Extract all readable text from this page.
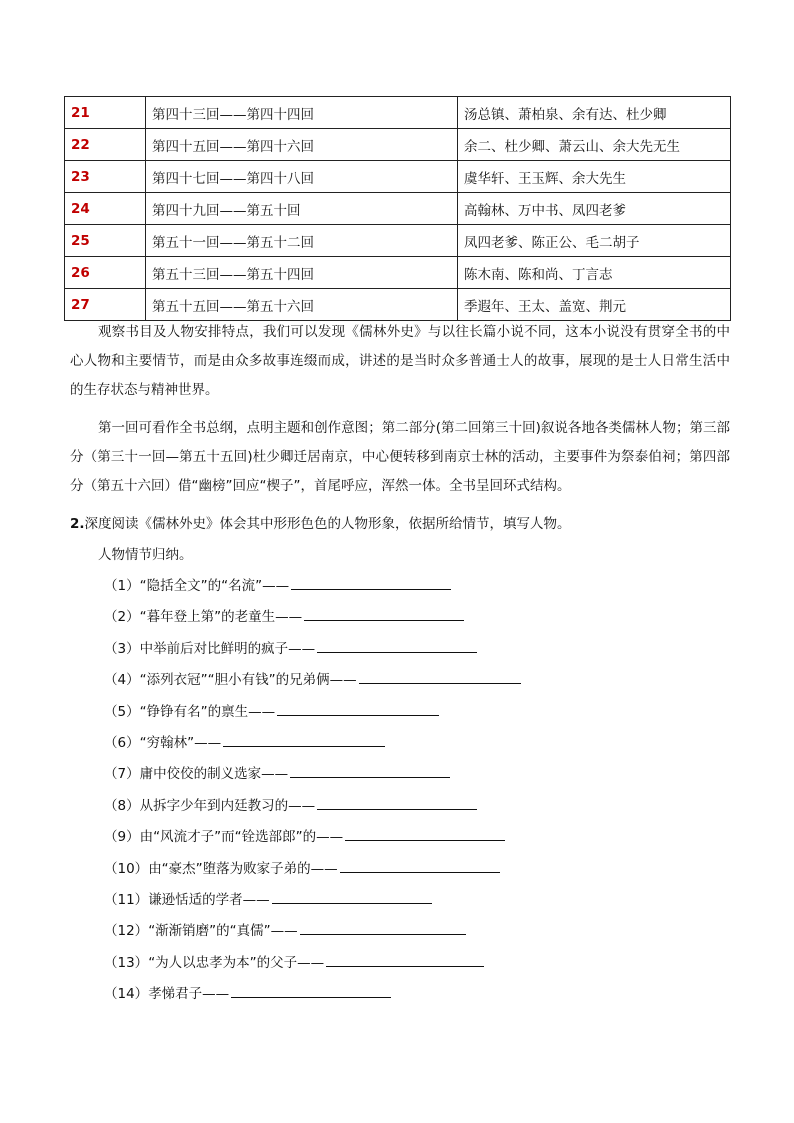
21	第四十三回——第四十四回	汤总镇、萧柏泉、余有达、杜少卿
22	第四十五回——第四十六回	余二、杜少卿、萧云山、余大先无生
23	第四十七回——第四十八回	虞华轩、王玉辉、余大先生
24	第四十九回——第五十回	高翰林、万中书、凤四老爹
25	第五十一回——第五十二回	凤四老爹、陈正公、毛二胡子
26	第五十三回——第五十四回	陈木南、陈和尚、丁言志
27	第五十五回——第五十六回	季遐年、王太、盖宽、荆元

观察书目及人物安排特点，我们可以发现《儒林外史》与以往长篇小说不同，这本小说没有贯穿全书的中心人物和主要情节，而是由众多故事连缀而成，讲述的是当时众多普通士人的故事，展现的是士人日常生活中的生存状态与精神世界。

第一回可看作全书总纲，点明主题和创作意图；第二部分(第二回第三十回)叙说各地各类儒林人物；第三部分（第三十一回—第五十五回)杜少卿迁居南京，中心便转移到南京士林的活动，主要事件为祭泰伯祠；第四部分（第五十六回）借“幽榜”回应“楔子”，首尾呼应，浑然一体。全书呈回环式结构。

2.深度阅读《儒林外史》体会其中形形色色的人物形象，依据所给情节，填写人物。

人物情节归纳。

（1）“隐括全文”的“名流”——
（2）“暮年登上第”的老童生——
（3）中举前后对比鲜明的疯子——
（4）“添列衣冠”“胆小有钱”的兄弟俩——
（5）“铮铮有名”的禀生——
（6）“穷翰林”——
（7）庸中佼佼的制义选家——
（8）从拆字少年到内廷教习的——
（9）由“风流才子”而“铨选部郎”的——
（10）由“豪杰”堕落为败家子弟的——
（11）谦逊恬适的学者——
（12）“渐渐销磨”的“真儒”——
（13）“为人以忠孝为本”的父子——
（14）孝悌君子——
